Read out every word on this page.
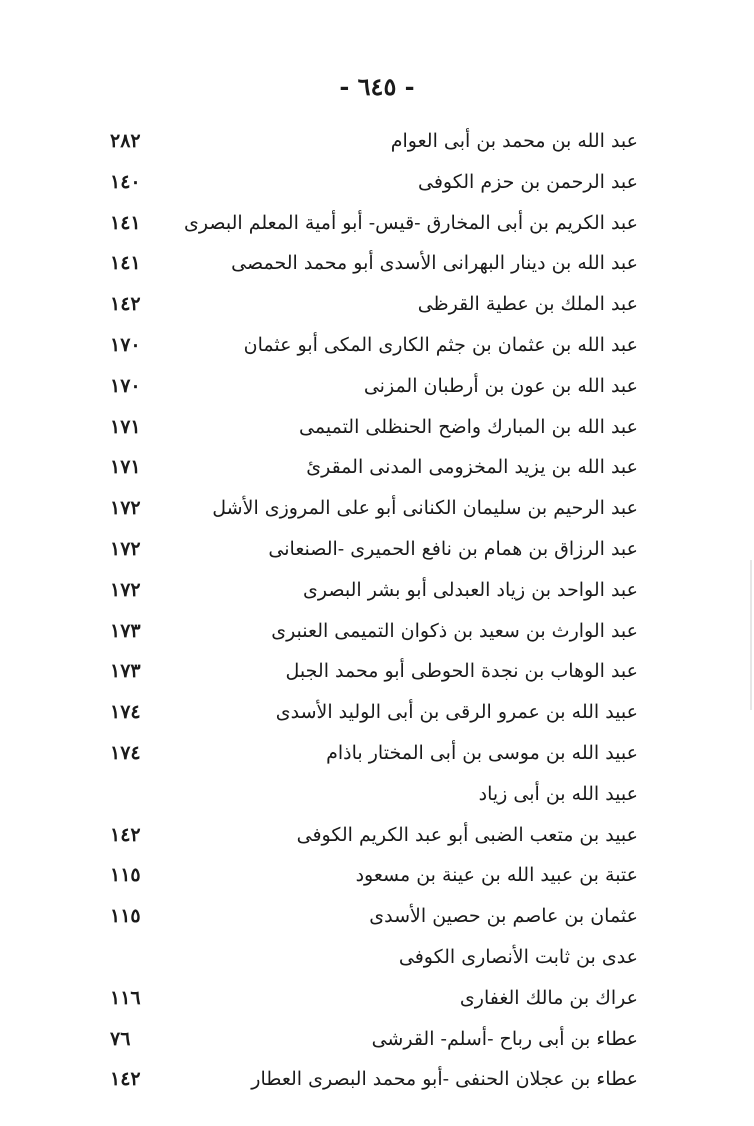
- ٦٤٥ -
عبد الله بن محمد بن أبى العوام
٢٨٢
عبد الرحمن بن حزم الكوفى
١٤٠
عبد الكريم بن أبى المخارق -قيس- أبو أمية المعلم البصرى
١٤١
عبد الله بن دينار البهرانى الأسدى أبو محمد الحمصى
١٤١
عبد الملك بن عطية القرظى
١٤٢
عبد الله بن عثمان بن جثم الكارى المكى أبو عثمان
١٧٠
عبد الله بن عون بن أرطبان المزنى
١٧٠
عبد الله بن المبارك واضح الحنظلى التميمى
١٧١
عبد الله بن يزيد المخزومى المدنى المقرئ
١٧١
عبد الرحيم بن سليمان الكنانى أبو على المروزى الأشل
١٧٢
عبد الرزاق بن همام بن نافع الحميرى -الصنعانى
١٧٢
عبد الواحد بن زياد العبدلى أبو بشر البصرى
١٧٢
عبد الوارث بن سعيد بن ذكوان التميمى العنبرى
١٧٣
عبد الوهاب بن نجدة الحوطى أبو محمد الجبل
١٧٣
عبيد الله بن عمرو الرقى بن أبى الوليد الأسدى
١٧٤
عبيد الله بن موسى بن أبى المختار باذام
١٧٤
عبيد الله بن أبى زياد
عبيد بن متعب الضبى أبو عبد الكريم الكوفى
١٤٢
عتبة بن عبيد الله بن عينة بن مسعود
١١٥
عثمان بن عاصم بن حصين الأسدى
١١٥
عدى بن ثابت الأنصارى الكوفى
عراك بن مالك الغفارى
١١٦
عطاء بن أبى رباح -أسلم- القرشى
٧٦
عطاء بن عجلان الحنفى -أبو محمد البصرى العطار
١٤٢
